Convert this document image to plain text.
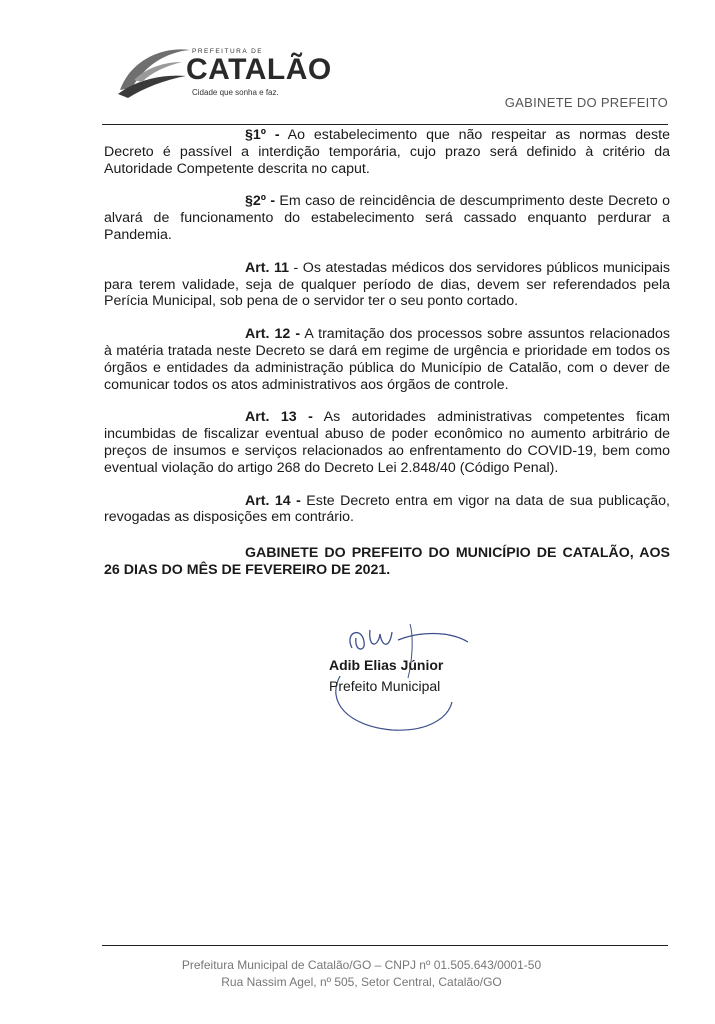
PREFEITURA DE
CATALÃO
Cidade que sonha e faz.
GABINETE DO PREFEITO

§1º - Ao estabelecimento que não respeitar as normas deste Decreto é passível a interdição temporária, cujo prazo será definido à critério da Autoridade Competente descrita no caput.

§2º - Em caso de reincidência de descumprimento deste Decreto o alvará de funcionamento do estabelecimento será cassado enquanto perdurar a Pandemia.

Art. 11 - Os atestadas médicos dos servidores públicos municipais para terem validade, seja de qualquer período de dias, devem ser referendados pela Perícia Municipal, sob pena de o servidor ter o seu ponto cortado.

Art. 12 - A tramitação dos processos sobre assuntos relacionados à matéria tratada neste Decreto se dará em regime de urgência e prioridade em todos os órgãos e entidades da administração pública do Município de Catalão, com o dever de comunicar todos os atos administrativos aos órgãos de controle.

Art. 13 - As autoridades administrativas competentes ficam incumbidas de fiscalizar eventual abuso de poder econômico no aumento arbitrário de preços de insumos e serviços relacionados ao enfrentamento do COVID-19, bem como eventual violação do artigo 268 do Decreto Lei 2.848/40 (Código Penal).

Art. 14 - Este Decreto entra em vigor na data de sua publicação, revogadas as disposições em contrário.

GABINETE DO PREFEITO DO MUNICÍPIO DE CATALÃO, AOS 26 DIAS DO MÊS DE FEVEREIRO DE 2021.

Adib Elias Júnior
Prefeito Municipal
Prefeitura Municipal de Catalão/GO – CNPJ nº 01.505.643/0001-50
Rua Nassim Agel, nº 505, Setor Central, Catalão/GO
